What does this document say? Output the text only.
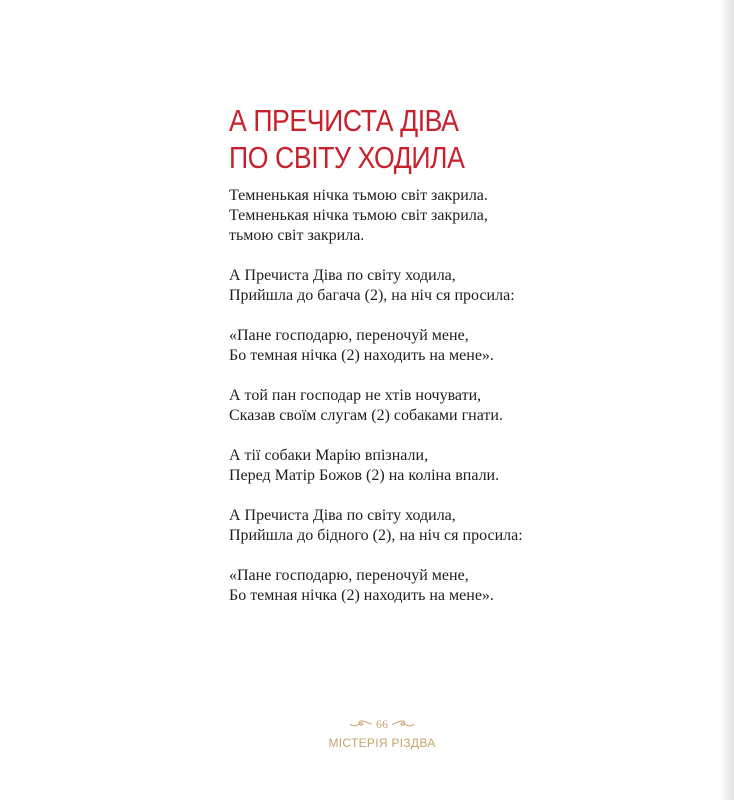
А ПРЕЧИСТА ДІВА
ПО СВІТУ ХОДИЛА
Темненькая нічка тьмою світ закрила.
Темненькая нічка тьмою світ закрила,
тьмою світ закрила.
А Пречиста Діва по світу ходила,
Прийшла до багача (2), на ніч ся просила:
«Пане господарю, переночуй мене,
Бо темная нічка (2) находить на мене».
А той пан господар не хтів ночувати,
Сказав своїм слугам (2) собаками гнати.
А тії собаки Марію впізнали,
Перед Матір Божов (2) на коліна впали.
А Пречиста Діва по світу ходила,
Прийшла до бідного (2), на ніч ся просила:
«Пане господарю, переночуй мене,
Бо темная нічка (2) находить на мене».
66
МІСТЕРІЯ РІЗДВА
